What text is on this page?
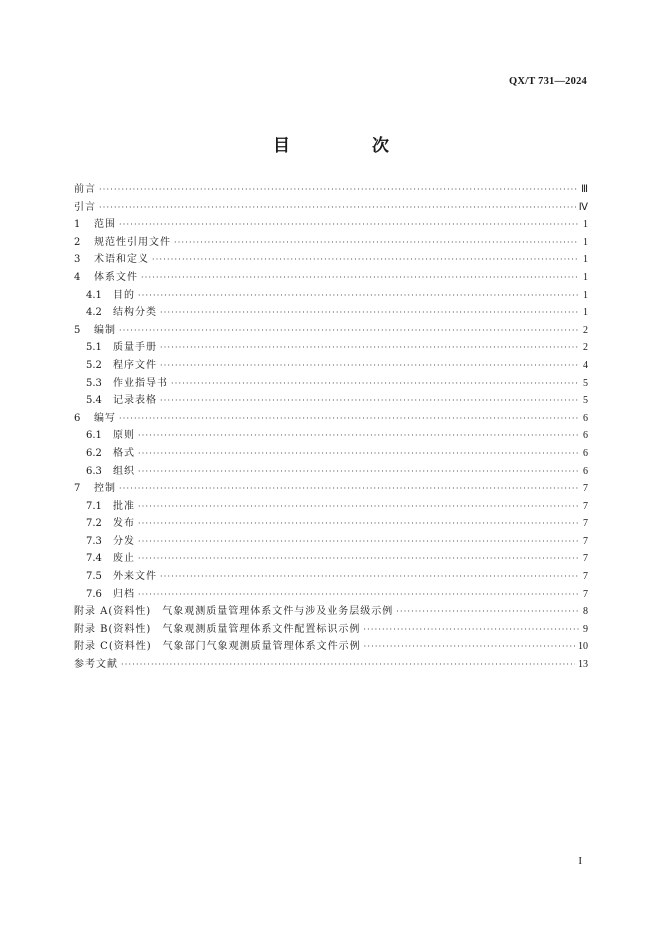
QX/T 731—2024
目 次
前言 ·····	Ⅲ
引言 ·····	Ⅳ
1	范围 ·····	1
2	规范性引用文件 ·····	1
3	术语和定义 ·····	1
4	体系文件 ·····	1
4.1	目的 ·····	1
4.2	结构分类 ·····	1
5	编制 ·····	2
5.1	质量手册 ·····	2
5.2	程序文件 ·····	4
5.3	作业指导书 ·····	5
5.4	记录表格 ·····	5
6	编写 ·····	6
6.1	原则 ·····	6
6.2	格式 ·····	6
6.3	组织 ·····	6
7	控制 ·····	7
7.1	批准 ·····	7
7.2	发布 ·····	7
7.3	分发 ·····	7
7.4	废止 ·····	7
7.5	外来文件 ·····	7
7.6	归档 ·····	7
附录 A(资料性)　气象观测质量管理体系文件与涉及业务层级示例 ·····	8
附录 B(资料性)　气象观测质量管理体系文件配置标识示例 ·····	9
附录 C(资料性)　气象部门气象观测质量管理体系文件示例 ·····	10
参考文献 ·····	13
I
